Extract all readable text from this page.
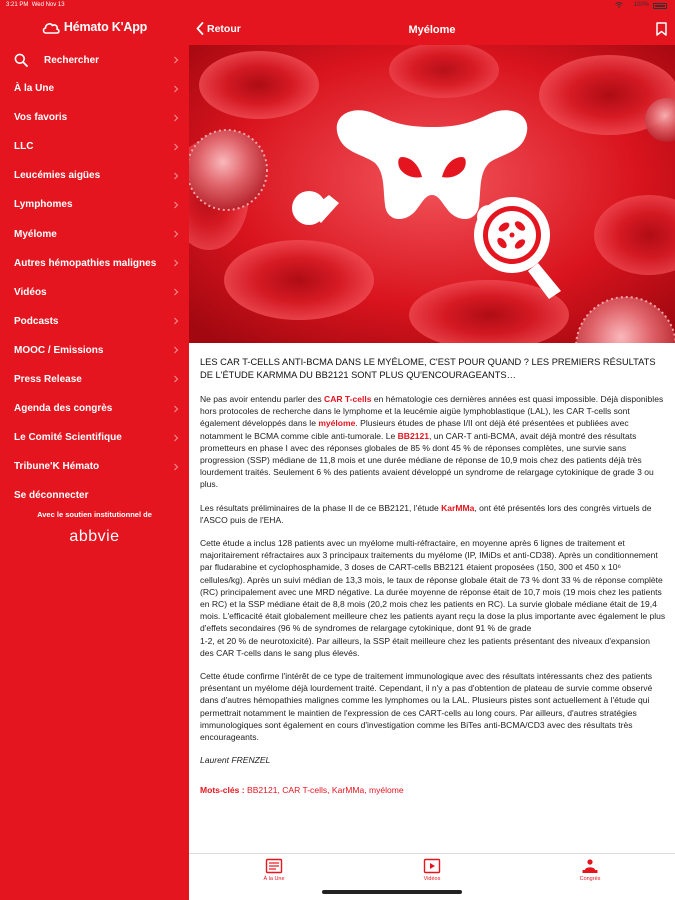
3:21 PM Wed Nov 13
Hémato K'App
Rechercher
À la Une
Vos favoris
LLC
Leucémies aigües
Lymphomes
Myélome
Autres hémopathies malignes
Vidéos
Podcasts
MOOC / Emissions
Press Release
Agenda des congrès
Le Comité Scientifique
Tribune'K Hémato
Se déconnecter
Avec le soutien institutionnel de
abbvie
100%
Retour	Myélome

LES CAR T-CELLS ANTI-BCMA DANS LE MYÉLOME, C'EST POUR QUAND ? LES PREMIERS RÉSULTATS DE L'ÉTUDE KARMMA DU BB2121 SONT PLUS QU'ENCOURAGEANTS…

Ne pas avoir entendu parler des CAR T-cells en hématologie ces dernières années est quasi impossible. Déjà disponibles hors protocoles de recherche dans le lymphome et la leucémie aigüe lymphoblastique (LAL), les CAR T-cells sont également développés dans le myélome. Plusieurs études de phase I/II ont déjà été présentées et publiées avec notamment le BCMA comme cible anti-tumorale. Le BB2121, un CAR-T anti-BCMA, avait déjà montré des résultats prometteurs en phase I avec des réponses globales de 85 % dont 45 % de réponses complètes, une survie sans progression (SSP) médiane de 11,8 mois et une durée médiane de réponse de 10,9 mois chez des patients déjà très lourdement traités. Seulement 6 % des patients avaient développé un syndrome de relargage cytokinique de grade 3 ou plus.

Les résultats préliminaires de la phase II de ce BB2121, l'étude KarMMa, ont été présentés lors des congrès virtuels de l'ASCO puis de l'EHA.

Cette étude a inclus 128 patients avec un myélome multi-réfractaire, en moyenne après 6 lignes de traitement et majoritairement réfractaires aux 3 principaux traitements du myélome (IP, IMiDs et anti-CD38). Après un conditionnement par fludarabine et cyclophosphamide, 3 doses de CART-cells BB2121 étaient proposées (150, 300 et 450 x 10⁶ cellules/kg). Après un suivi médian de 13,3 mois, le taux de réponse globale était de 73 % dont 33 % de réponse complète (RC) principalement avec une MRD négative. La durée moyenne de réponse était de 10,7 mois (19 mois chez les patients en RC) et la SSP médiane était de 8,8 mois (20,2 mois chez les patients en RC). La survie globale médiane était de 19,4 mois. L'efficacité était globalement meilleure chez les patients ayant reçu la dose la plus importante avec également le plus d'effets secondaires (96 % de syndromes de relargage cytokinique, dont 91 % de grade
1-2, et 20 % de neurotoxicité). Par ailleurs, la SSP était meilleure chez les patients présentant des niveaux d'expansion des CAR T-cells dans le sang plus élevés.

Cette étude confirme l'intérêt de ce type de traitement immunologique avec des résultats intéressants chez des patients présentant un myélome déjà lourdement traité. Cependant, il n'y a pas d'obtention de plateau de survie comme observé dans d'autres hémopathies malignes comme les lymphomes ou la LAL. Plusieurs pistes sont actuellement à l'étude qui permettrait notamment le maintien de l'expression de ces CART-cells au long cours. Par ailleurs, d'autres stratégies immunologiques sont également en cours d'investigation comme les BiTes anti-BCMA/CD3 avec des résultats très encourageants.

Laurent FRENZEL

Mots-clés : BB2121, CAR T-cells, KarMMa, myélome

À la Une	Vidéos	Congrès
